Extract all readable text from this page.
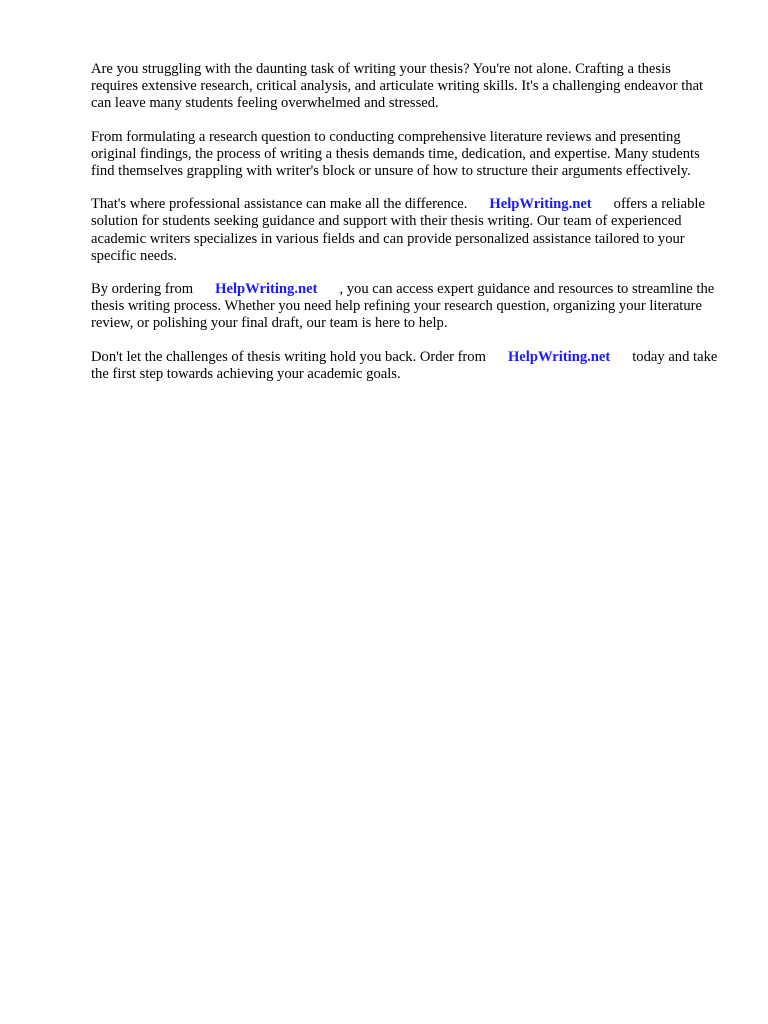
Are you struggling with the daunting task of writing your thesis? You're not alone. Crafting a thesis requires extensive research, critical analysis, and articulate writing skills. It's a challenging endeavor that can leave many students feeling overwhelmed and stressed.

From formulating a research question to conducting comprehensive literature reviews and presenting original findings, the process of writing a thesis demands time, dedication, and expertise. Many students find themselves grappling with writer's block or unsure of how to structure their arguments effectively.

That's where professional assistance can make all the difference. HelpWriting.net offers a reliable solution for students seeking guidance and support with their thesis writing. Our team of experienced academic writers specializes in various fields and can provide personalized assistance tailored to your specific needs.

By ordering from HelpWriting.net , you can access expert guidance and resources to streamline the thesis writing process. Whether you need help refining your research question, organizing your literature review, or polishing your final draft, our team is here to help.

Don't let the challenges of thesis writing hold you back. Order from HelpWriting.net today and take the first step towards achieving your academic goals.
